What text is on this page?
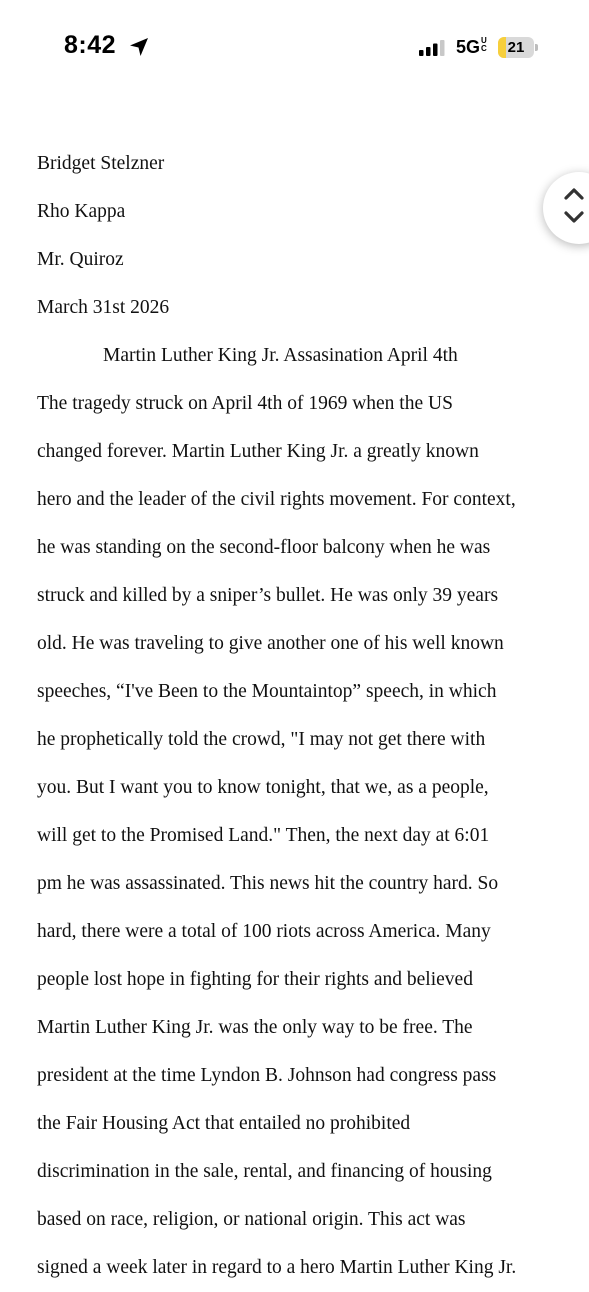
8:42	5GUC	21
Bridget Stelzner
Rho Kappa
Mr. Quiroz
March 31st 2026
Martin Luther King Jr. Assasination April 4th
The tragedy struck on April 4th of 1969 when the US
changed forever. Martin Luther King Jr. a greatly known
hero and the leader of the civil rights movement. For context,
he was standing on the second-floor balcony when he was
struck and killed by a sniper’s bullet. He was only 39 years
old. He was traveling to give another one of his well known
speeches, “I've Been to the Mountaintop” speech, in which
he prophetically told the crowd, "I may not get there with
you. But I want you to know tonight, that we, as a people,
will get to the Promised Land." Then, the next day at 6:01
pm he was assassinated. This news hit the country hard. So
hard, there were a total of 100 riots across America. Many
people lost hope in fighting for their rights and believed
Martin Luther King Jr. was the only way to be free. The
president at the time Lyndon B. Johnson had congress pass
the Fair Housing Act that entailed no prohibited
discrimination in the sale, rental, and financing of housing
based on race, religion, or national origin. This act was
signed a week later in regard to a hero Martin Luther King Jr.
